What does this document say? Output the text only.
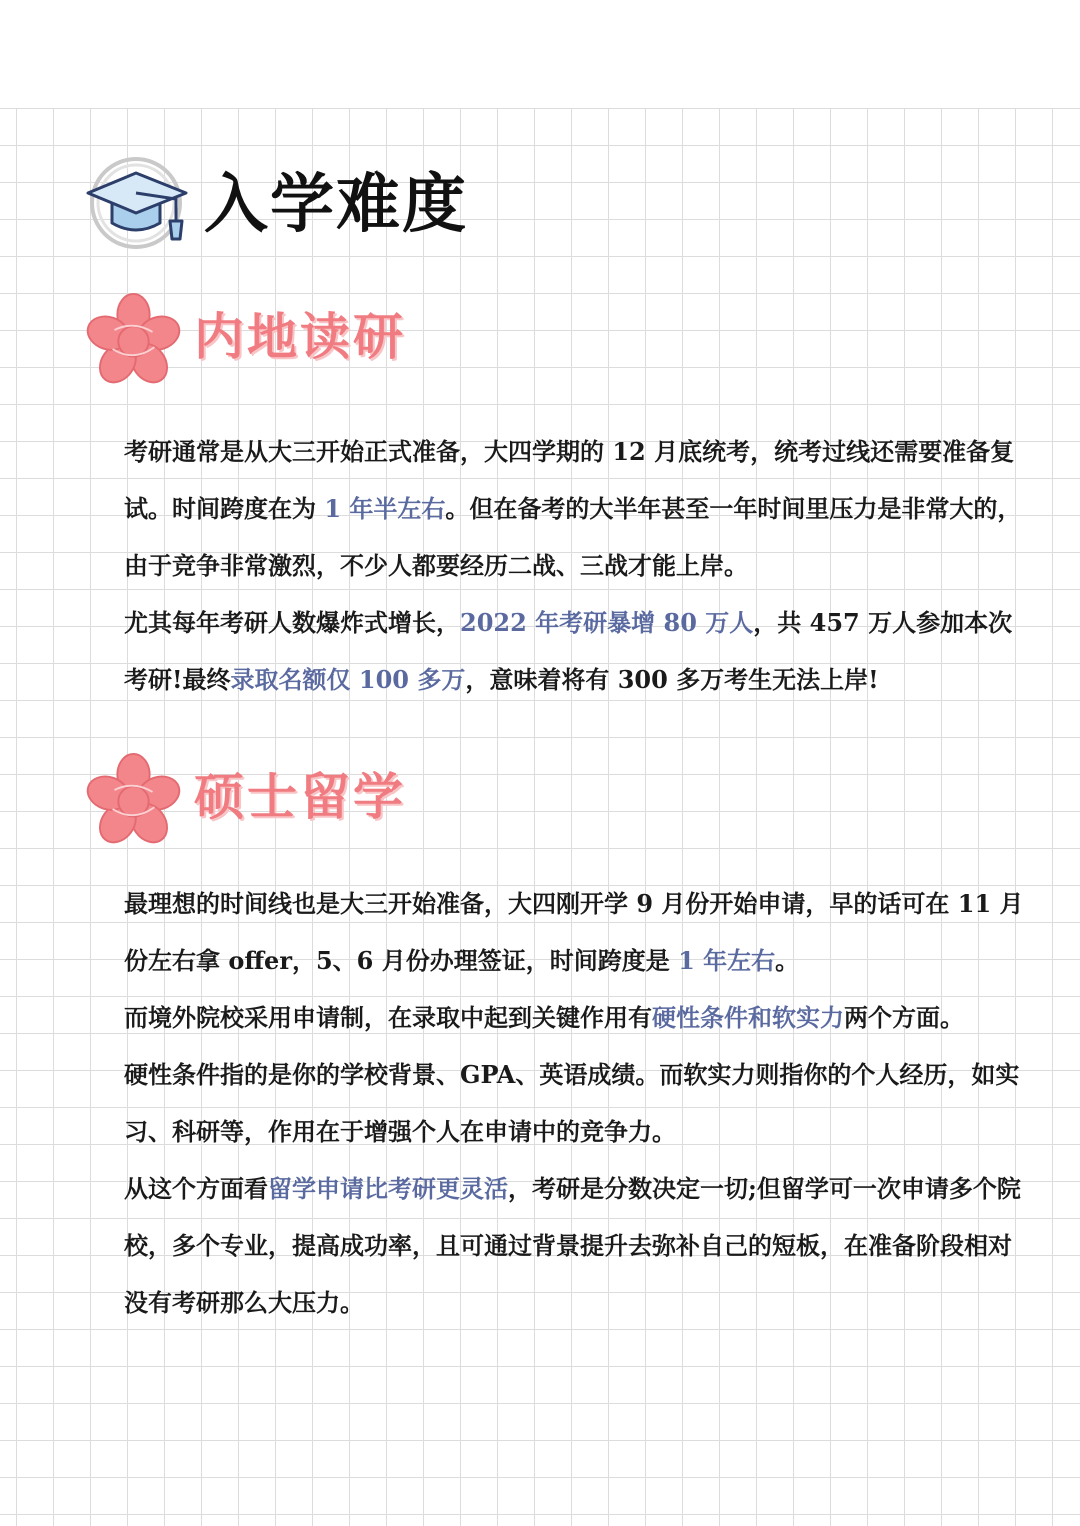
入学难度
内地读研

考研通常是从大三开始正式准备，大四学期的 12 月底统考，统考过线还需要准备复试。时间跨度在为 1 年半左右。但在备考的大半年甚至一年时间里压力是非常大的，由于竞争非常激烈，不少人都要经历二战、三战才能上岸。

尤其每年考研人数爆炸式增长，2022 年考研暴增 80 万人，共 457 万人参加本次考研!最终录取名额仅 100 多万，意味着将有 300 多万考生无法上岸!

硕士留学

最理想的时间线也是大三开始准备，大四刚开学 9 月份开始申请，早的话可在 11 月份左右拿 offer，5、6 月份办理签证，时间跨度是 1 年左右。

而境外院校采用申请制，在录取中起到关键作用有硬性条件和软实力两个方面。

硬性条件指的是你的学校背景、GPA、英语成绩。而软实力则指你的个人经历，如实习、科研等，作用在于增强个人在申请中的竞争力。

从这个方面看留学申请比考研更灵活，考研是分数决定一切;但留学可一次申请多个院校，多个专业，提高成功率，且可通过背景提升去弥补自己的短板，在准备阶段相对没有考研那么大压力。
